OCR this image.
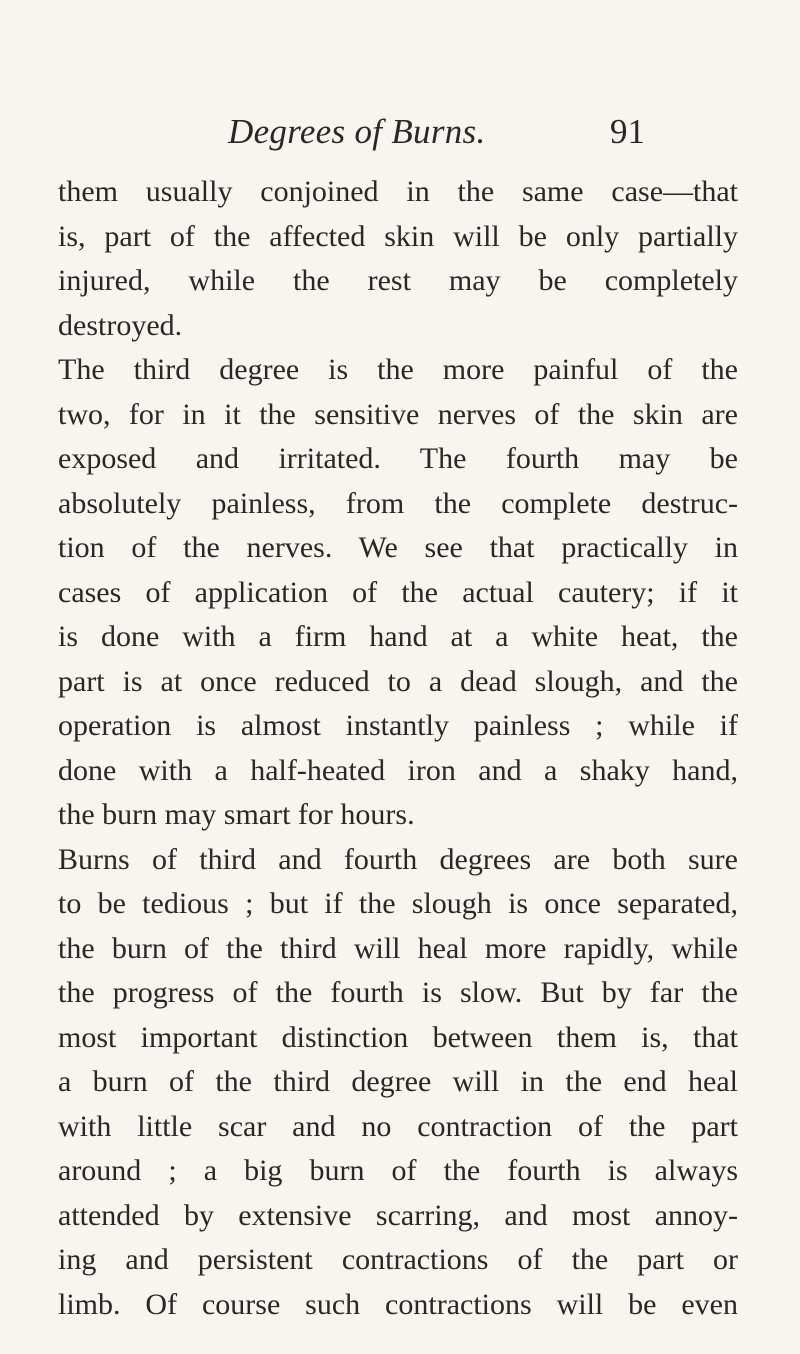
Degrees of Burns.	91
them usually conjoined in the same case—that
is, part of the affected skin will be only partially
injured, while the rest may be completely
destroyed.
The third degree is the more painful of the
two, for in it the sensitive nerves of the skin are
exposed and irritated. The fourth may be
absolutely painless, from the complete destruc-
tion of the nerves. We see that practically in
cases of application of the actual cautery; if it
is done with a firm hand at a white heat, the
part is at once reduced to a dead slough, and the
operation is almost instantly painless ; while if
done with a half-heated iron and a shaky hand,
the burn may smart for hours.
Burns of third and fourth degrees are both sure
to be tedious ; but if the slough is once separated,
the burn of the third will heal more rapidly, while
the progress of the fourth is slow. But by far the
most important distinction between them is, that
a burn of the third degree will in the end heal
with little scar and no contraction of the part
around ; a big burn of the fourth is always
attended by extensive scarring, and most annoy-
ing and persistent contractions of the part or
limb. Of course such contractions will be even
